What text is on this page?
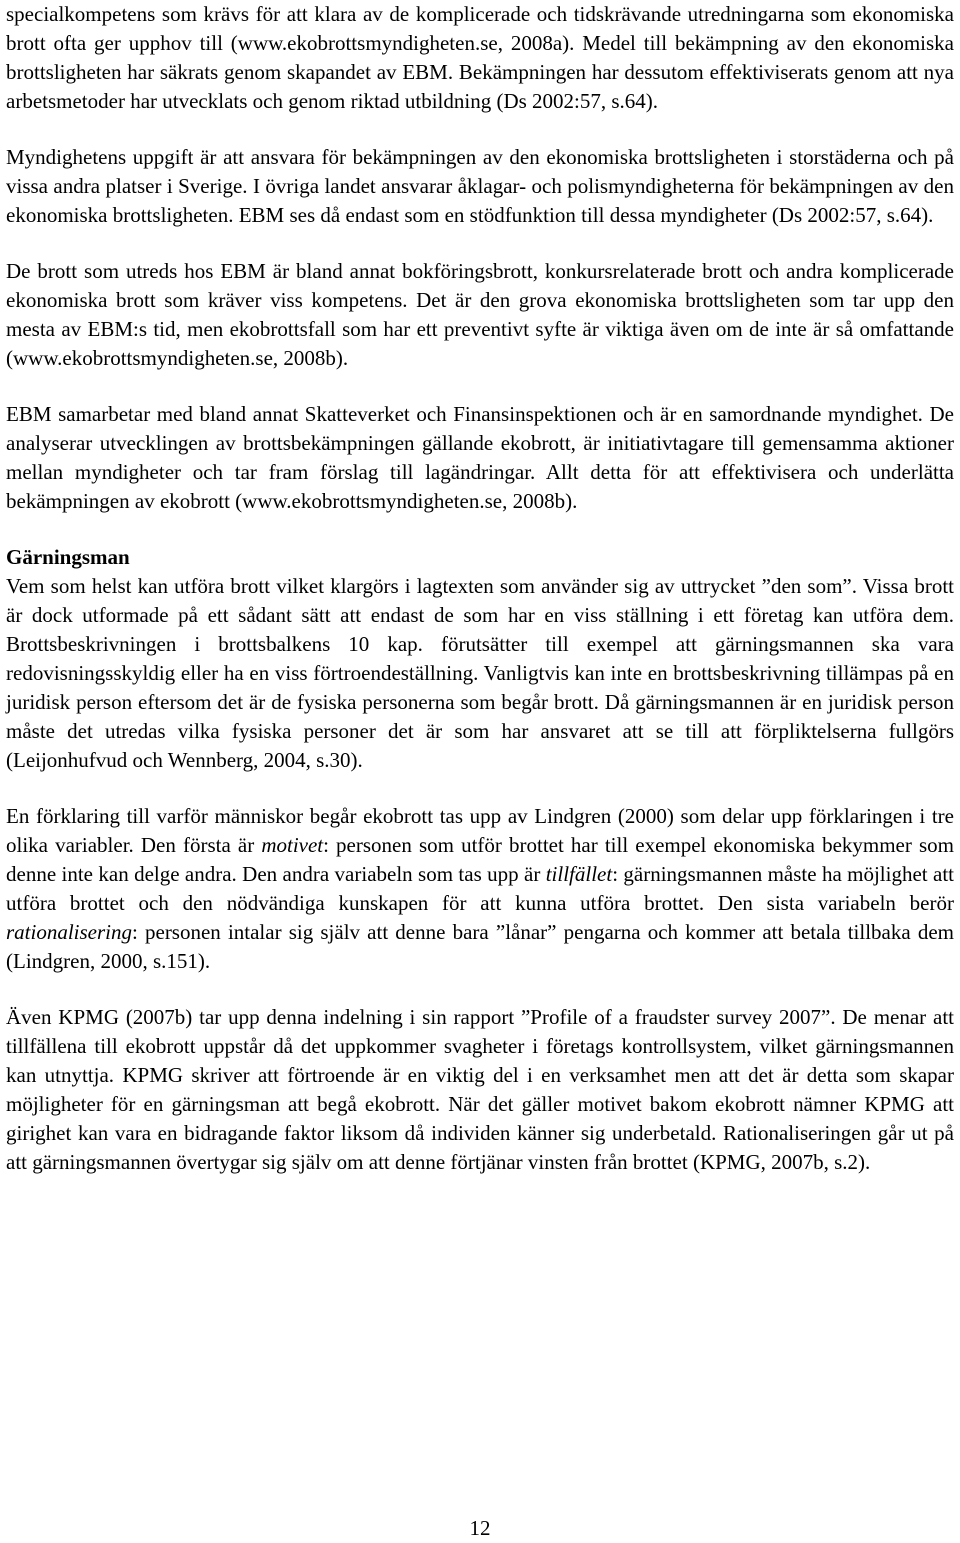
specialkompetens som krävs för att klara av de komplicerade och tidskrävande utredningarna som ekonomiska brott ofta ger upphov till (www.ekobrottsmyndigheten.se, 2008a). Medel till bekämpning av den ekonomiska brottsligheten har säkrats genom skapandet av EBM. Bekämpningen har dessutom effektiviserats genom att nya arbetsmetoder har utvecklats och genom riktad utbildning (Ds 2002:57, s.64).

Myndighetens uppgift är att ansvara för bekämpningen av den ekonomiska brottsligheten i storstäderna och på vissa andra platser i Sverige. I övriga landet ansvarar åklagar- och polismyndigheterna för bekämpningen av den ekonomiska brottsligheten. EBM ses då endast som en stödfunktion till dessa myndigheter (Ds 2002:57, s.64).

De brott som utreds hos EBM är bland annat bokföringsbrott, konkursrelaterade brott och andra komplicerade ekonomiska brott som kräver viss kompetens. Det är den grova ekonomiska brottsligheten som tar upp den mesta av EBM:s tid, men ekobrottsfall som har ett preventivt syfte är viktiga även om de inte är så omfattande (www.ekobrottsmyndigheten.se, 2008b).

EBM samarbetar med bland annat Skatteverket och Finansinspektionen och är en samordnande myndighet. De analyserar utvecklingen av brottsbekämpningen gällande ekobrott, är initiativtagare till gemensamma aktioner mellan myndigheter och tar fram förslag till lagändringar. Allt detta för att effektivisera och underlätta bekämpningen av ekobrott (www.ekobrottsmyndigheten.se, 2008b).

Gärningsman

Vem som helst kan utföra brott vilket klargörs i lagtexten som använder sig av uttrycket ”den som”. Vissa brott är dock utformade på ett sådant sätt att endast de som har en viss ställning i ett företag kan utföra dem. Brottsbeskrivningen i brottsbalkens 10 kap. förutsätter till exempel att gärningsmannen ska vara redovisningsskyldig eller ha en viss förtroendeställning. Vanligtvis kan inte en brottsbeskrivning tillämpas på en juridisk person eftersom det är de fysiska personerna som begår brott. Då gärningsmannen är en juridisk person måste det utredas vilka fysiska personer det är som har ansvaret att se till att förpliktelserna fullgörs (Leijonhufvud och Wennberg, 2004, s.30).

En förklaring till varför människor begår ekobrott tas upp av Lindgren (2000) som delar upp förklaringen i tre olika variabler. Den första är motivet: personen som utför brottet har till exempel ekonomiska bekymmer som denne inte kan delge andra. Den andra variabeln som tas upp är tillfället: gärningsmannen måste ha möjlighet att utföra brottet och den nödvändiga kunskapen för att kunna utföra brottet. Den sista variabeln berör rationalisering: personen intalar sig själv att denne bara ”lånar” pengarna och kommer att betala tillbaka dem (Lindgren, 2000, s.151).

Även KPMG (2007b) tar upp denna indelning i sin rapport ”Profile of a fraudster survey 2007”. De menar att tillfällena till ekobrott uppstår då det uppkommer svagheter i företags kontrollsystem, vilket gärningsmannen kan utnyttja. KPMG skriver att förtroende är en viktig del i en verksamhet men att det är detta som skapar möjligheter för en gärningsman att begå ekobrott. När det gäller motivet bakom ekobrott nämner KPMG att girighet kan vara en bidragande faktor liksom då individen känner sig underbetald. Rationaliseringen går ut på att gärningsmannen övertygar sig själv om att denne förtjänar vinsten från brottet (KPMG, 2007b, s.2).

12
